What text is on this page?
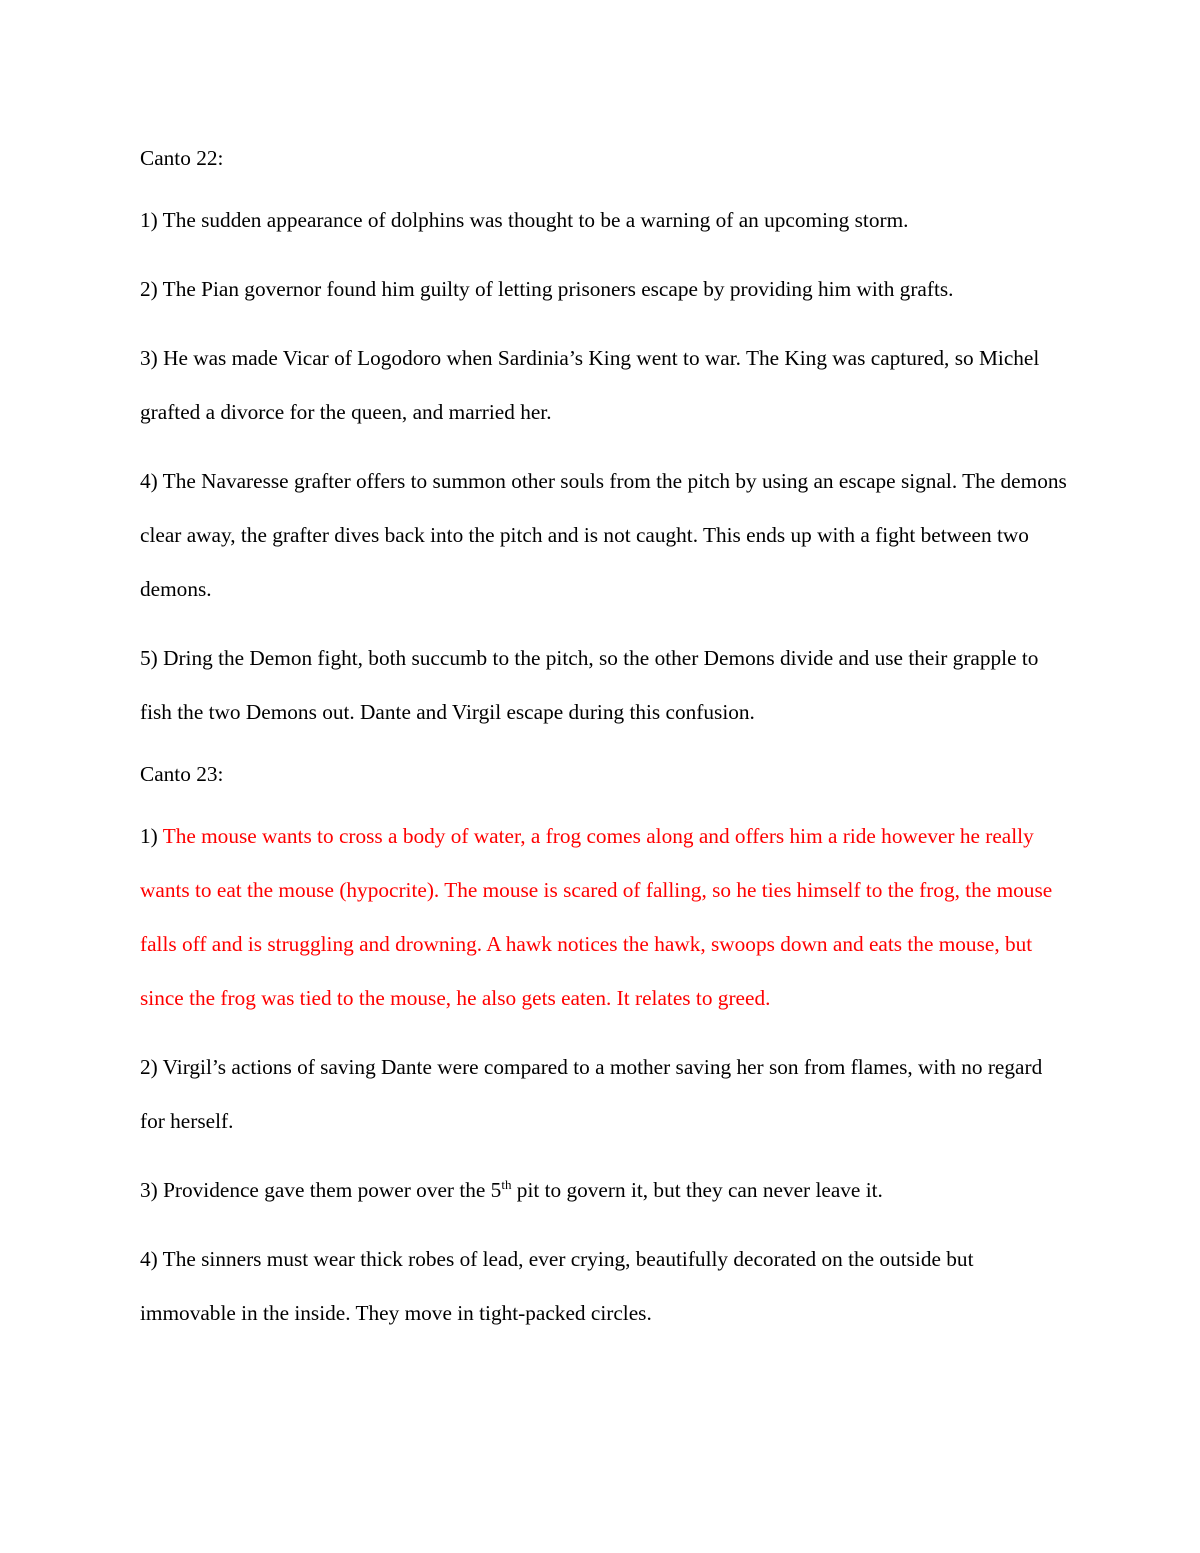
Canto 22:

1) The sudden appearance of dolphins was thought to be a warning of an upcoming storm.

2) The Pian governor found him guilty of letting prisoners escape by providing him with grafts.

3) He was made Vicar of Logodoro when Sardinia’s King went to war. The King was captured, so Michel grafted a divorce for the queen, and married her.

4) The Navaresse grafter offers to summon other souls from the pitch by using an escape signal. The demons clear away, the grafter dives back into the pitch and is not caught. This ends up with a fight between two demons.

5) Dring the Demon fight, both succumb to the pitch, so the other Demons divide and use their grapple to fish the two Demons out. Dante and Virgil escape during this confusion.

Canto 23:

1) The mouse wants to cross a body of water, a frog comes along and offers him a ride however he really wants to eat the mouse (hypocrite). The mouse is scared of falling, so he ties himself to the frog, the mouse falls off and is struggling and drowning. A hawk notices the hawk, swoops down and eats the mouse, but since the frog was tied to the mouse, he also gets eaten. It relates to greed.

2) Virgil’s actions of saving Dante were compared to a mother saving her son from flames, with no regard for herself.

3) Providence gave them power over the 5th pit to govern it, but they can never leave it.

4) The sinners must wear thick robes of lead, ever crying, beautifully decorated on the outside but immovable in the inside. They move in tight-packed circles.
